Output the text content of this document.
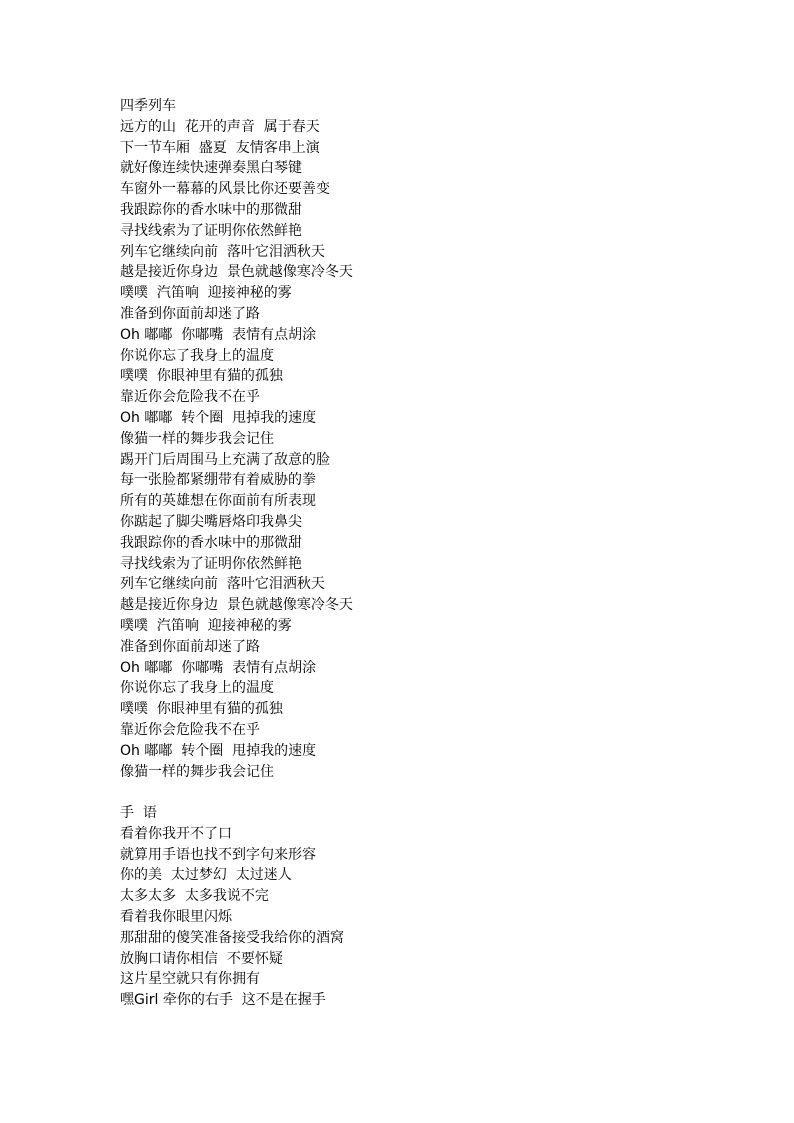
四季列车
远方的山  花开的声音  属于春天
下一节车厢  盛夏  友情客串上演
就好像连续快速弹奏黑白琴键
车窗外一幕幕的风景比你还要善变
我跟踪你的香水味中的那微甜
寻找线索为了证明你依然鲜艳
列车它继续向前  落叶它泪洒秋天
越是接近你身边  景色就越像寒冷冬天
噗噗  汽笛响  迎接神秘的雾
准备到你面前却迷了路
Oh 嘟嘟  你嘟嘴  表情有点胡涂
你说你忘了我身上的温度
噗噗  你眼神里有猫的孤独
靠近你会危险我不在乎
Oh 嘟嘟  转个圈  甩掉我的速度
像猫一样的舞步我会记住
踢开门后周围马上充满了敌意的脸
每一张脸都紧绷带有着威胁的拳
所有的英雄想在你面前有所表现
你踮起了脚尖嘴唇烙印我鼻尖
我跟踪你的香水味中的那微甜
寻找线索为了证明你依然鲜艳
列车它继续向前  落叶它泪洒秋天
越是接近你身边  景色就越像寒冷冬天
噗噗  汽笛响  迎接神秘的雾
准备到你面前却迷了路
Oh 嘟嘟  你嘟嘴  表情有点胡涂
你说你忘了我身上的温度
噗噗  你眼神里有猫的孤独
靠近你会危险我不在乎
Oh 嘟嘟  转个圈  甩掉我的速度
像猫一样的舞步我会记住
手  语
看着你我开不了口
就算用手语也找不到字句来形容
你的美  太过梦幻  太过迷人
太多太多  太多我说不完
看着我你眼里闪烁
那甜甜的傻笑准备接受我给你的酒窝
放胸口请你相信  不要怀疑
这片星空就只有你拥有
嘿Girl 牵你的右手  这不是在握手
